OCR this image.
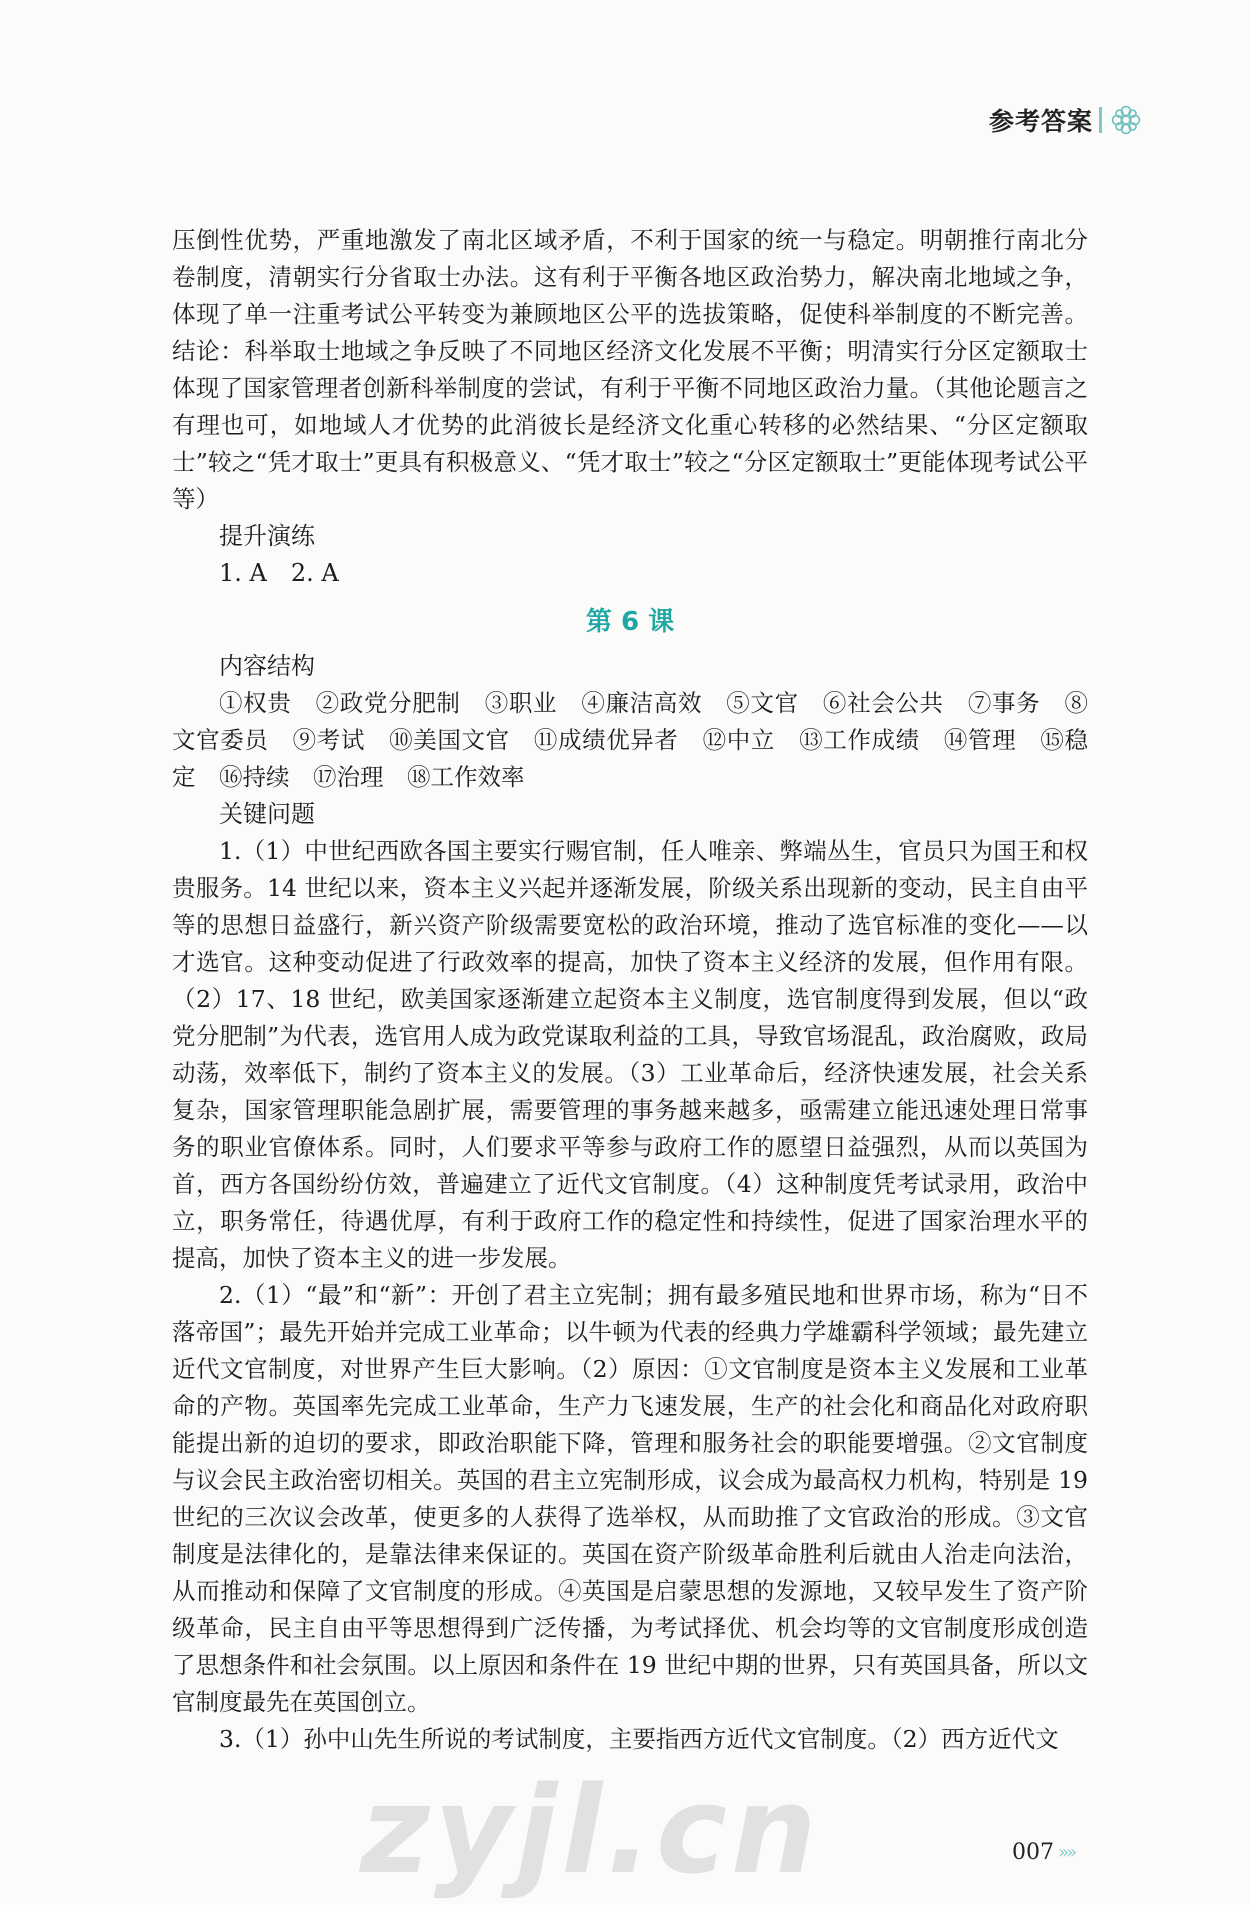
参考答案

压倒性优势，严重地激发了南北区域矛盾，不利于国家的统一与稳定。明朝推行南北分卷制度，清朝实行分省取士办法。这有利于平衡各地区政治势力，解决南北地域之争，体现了单一注重考试公平转变为兼顾地区公平的选拔策略，促使科举制度的不断完善。结论：科举取士地域之争反映了不同地区经济文化发展不平衡；明清实行分区定额取士体现了国家管理者创新科举制度的尝试，有利于平衡不同地区政治力量。（其他论题言之有理也可，如地域人才优势的此消彼长是经济文化重心转移的必然结果、“分区定额取士”较之“凭才取士”更具有积极意义、“凭才取士”较之“分区定额取士”更能体现考试公平等）

提升演练

1. A　2. A

第 6 课

内容结构

①权贵　②政党分肥制　③职业　④廉洁高效　⑤文官　⑥社会公共　⑦事务　⑧文官委员　⑨考试　⑩美国文官　⑪成绩优异者　⑫中立　⑬工作成绩　⑭管理　⑮稳定　⑯持续　⑰治理　⑱工作效率

关键问题

1.（1）中世纪西欧各国主要实行赐官制，任人唯亲、弊端丛生，官员只为国王和权贵服务。14 世纪以来，资本主义兴起并逐渐发展，阶级关系出现新的变动，民主自由平等的思想日益盛行，新兴资产阶级需要宽松的政治环境，推动了选官标准的变化——以才选官。这种变动促进了行政效率的提高，加快了资本主义经济的发展，但作用有限。（2）17、18 世纪，欧美国家逐渐建立起资本主义制度，选官制度得到发展，但以“政党分肥制”为代表，选官用人成为政党谋取利益的工具，导致官场混乱，政治腐败，政局动荡，效率低下，制约了资本主义的发展。（3）工业革命后，经济快速发展，社会关系复杂，国家管理职能急剧扩展，需要管理的事务越来越多，亟需建立能迅速处理日常事务的职业官僚体系。同时，人们要求平等参与政府工作的愿望日益强烈，从而以英国为首，西方各国纷纷仿效，普遍建立了近代文官制度。（4）这种制度凭考试录用，政治中立，职务常任，待遇优厚，有利于政府工作的稳定性和持续性，促进了国家治理水平的提高，加快了资本主义的进一步发展。

2.（1）“最”和“新”：开创了君主立宪制；拥有最多殖民地和世界市场，称为“日不落帝国”；最先开始并完成工业革命；以牛顿为代表的经典力学雄霸科学领域；最先建立近代文官制度，对世界产生巨大影响。（2）原因：①文官制度是资本主义发展和工业革命的产物。英国率先完成工业革命，生产力飞速发展，生产的社会化和商品化对政府职能提出新的迫切的要求，即政治职能下降，管理和服务社会的职能要增强。②文官制度与议会民主政治密切相关。英国的君主立宪制形成，议会成为最高权力机构，特别是 19 世纪的三次议会改革，使更多的人获得了选举权，从而助推了文官政治的形成。③文官制度是法律化的，是靠法律来保证的。英国在资产阶级革命胜利后就由人治走向法治，从而推动和保障了文官制度的形成。④英国是启蒙思想的发源地，又较早发生了资产阶级革命，民主自由平等思想得到广泛传播，为考试择优、机会均等的文官制度形成创造了思想条件和社会氛围。以上原因和条件在 19 世纪中期的世界，只有英国具备，所以文官制度最先在英国创立。

3.（1）孙中山先生所说的考试制度，主要指西方近代文官制度。（2）西方近代文

007 »»
zyjl.cn
